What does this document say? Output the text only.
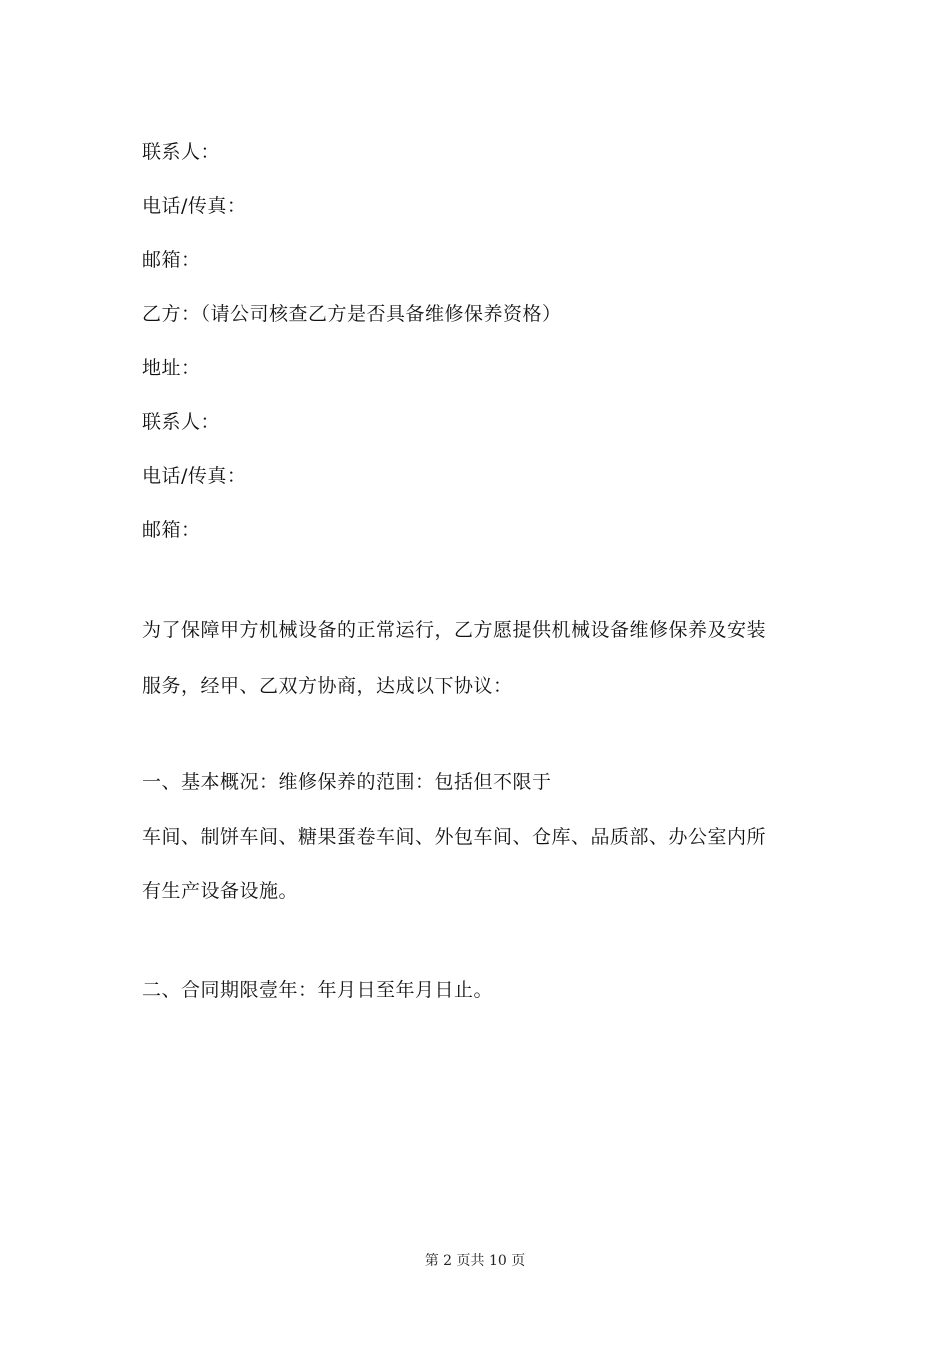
联系人：
电话/传真：
邮箱：
乙方：（请公司核查乙方是否具备维修保养资格）
地址：
联系人：
电话/传真：
邮箱：
为了保障甲方机械设备的正常运行，乙方愿提供机械设备维修保养及安装
服务，经甲、乙双方协商，达成以下协议：
一、基本概况：维修保养的范围：包括但不限于
车间、制饼车间、糖果蛋卷车间、外包车间、仓库、品质部、办公室内所
有生产设备设施。
二、合同期限壹年：年月日至年月日止。
第 2 页共 10 页
